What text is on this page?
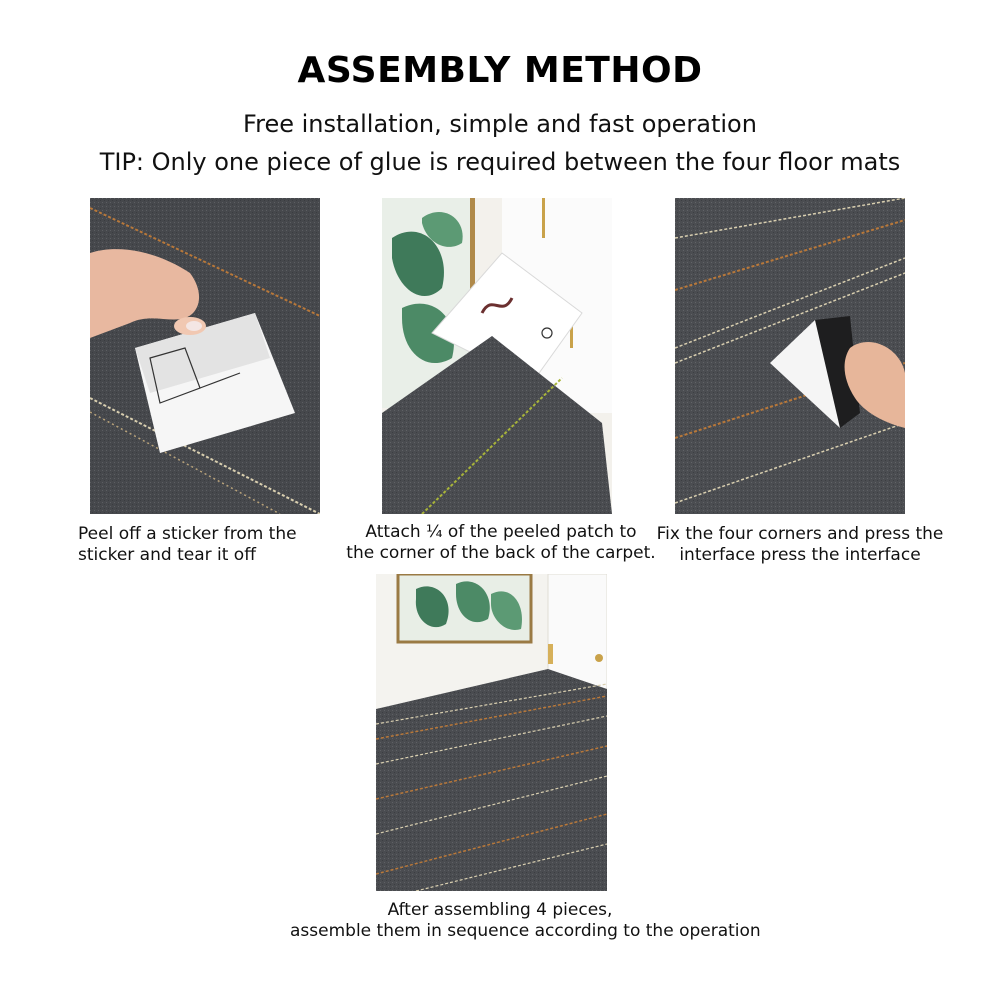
ASSEMBLY METHOD
Free installation, simple and fast operation
TIP: Only one piece of glue is required between the four floor mats
Peel off a sticker from the
sticker and tear it off
Attach ¼ of the peeled patch to
the corner of the back of the carpet.
Fix the four corners and press the
interface press the interface
After assembling 4 pieces,
assemble them in sequence according to the operation
